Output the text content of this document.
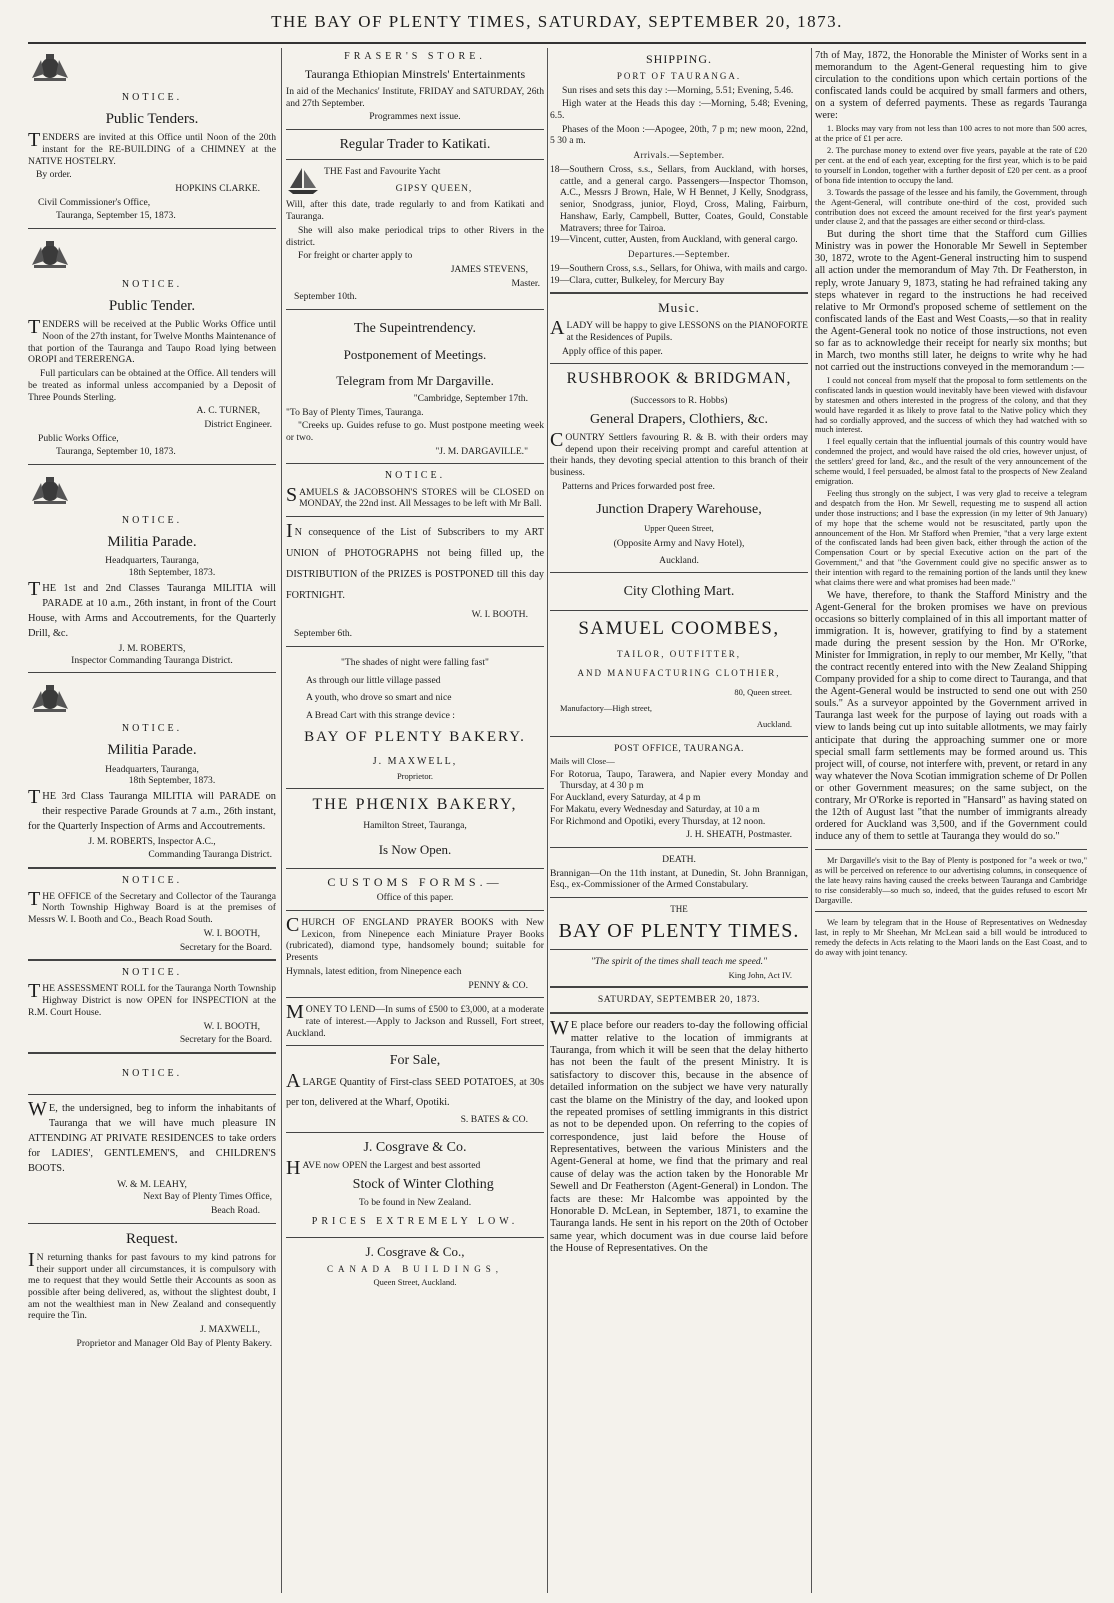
THE BAY OF PLENTY TIMES, SATURDAY, SEPTEMBER 20, 1873.
NOTICE.
Public Tenders.
TENDERS are invited at this Office until Noon of the 20th instant for the RE-BUILDING of a CHIMNEY at the NATIVE HOSTELRY.
By order.
HOPKINS CLARKE.
Civil Commissioner's Office,
Tauranga, September 15, 1873.
NOTICE.
Public Tender.
TENDERS will be received at the Public Works Office until Noon of the 27th instant, for Twelve Months Maintenance of that portion of the Tauranga and Taupo Road lying between OROPI and TERERENGA.
Full particulars can be obtained at the Office. All tenders will be treated as informal unless accompanied by a Deposit of Three Pounds Sterling.
A. C. TURNER,
District Engineer.
Public Works Office,
Tauranga, September 10, 1873.
NOTICE.
Militia Parade.
Headquarters, Tauranga,
18th September, 1873.
THE 1st and 2nd Classes Tauranga MILITIA will PARADE at 10 a.m., 26th instant, in front of the Court House, with Arms and Accoutrements, for the Quarterly Drill, &c.
J. M. ROBERTS,
Inspector Commanding Tauranga District.
NOTICE.
Militia Parade.
Headquarters, Tauranga,
18th September, 1873.
THE 3rd Class Tauranga MILITIA will PARADE on their respective Parade Grounds at 7 a.m., 26th instant, for the Quarterly Inspection of Arms and Accoutrements.
J. M. ROBERTS, Inspector A.C.,
Commanding Tauranga District.
NOTICE.
THE OFFICE of the Secretary and Collector of the Tauranga North Township Highway Board is at the premises of Messrs W. I. Booth and Co., Beach Road South.
W. I. BOOTH,
Secretary for the Board.
NOTICE.
THE ASSESSMENT ROLL for the Tauranga North Township Highway District is now OPEN for INSPECTION at the R.M. Court House.
W. I. BOOTH,
Secretary for the Board.
NOTICE.
WE, the undersigned, beg to inform the inhabitants of Tauranga that we will have much pleasure IN ATTENDING AT PRIVATE RESIDENCES to take orders for LADIES', GENTLEMEN'S, and CHILDREN'S BOOTS.
W. & M. LEAHY,
Next Bay of Plenty Times Office,
Beach Road.
Request.
IN returning thanks for past favours to my kind patrons for their support under all circumstances, it is compulsory with me to request that they would Settle their Accounts as soon as possible after being delivered, as, without the slightest doubt, I am not the wealthiest man in New Zealand and consequently require the Tin.
J. MAXWELL,
Proprietor and Manager Old Bay of Plenty Bakery.
FRASER'S STORE.
Tauranga Ethiopian Minstrels' Entertainments
In aid of the Mechanics' Institute, FRIDAY and SATURDAY, 26th and 27th September.
Programmes next issue.
Regular Trader to Katikati.
THE Fast and Favourite Yacht
GIPSY QUEEN,
Will, after this date, trade regularly to and from Katikati and Tauranga.
She will also make periodical trips to other Rivers in the district.
For freight or charter apply to
JAMES STEVENS,
Master.
September 10th.
The Supeintrendency.
Postponement of Meetings.
Telegram from Mr Dargaville.
"Cambridge, September 17th.
"To Bay of Plenty Times, Tauranga.
"Creeks up. Guides refuse to go. Must postpone meeting week or two.
"J. M. DARGAVILLE."
NOTICE.
SAMUELS & JACOBSOHN'S STORES will be CLOSED on MONDAY, the 22nd inst. All Messages to be left with Mr Ball.
IN consequence of the List of Subscribers to my ART UNION of PHOTOGRAPHS not being filled up, the DISTRIBUTION of the PRIZES is POSTPONED till this day FORTNIGHT.
W. I. BOOTH.
September 6th.
"The shades of night were falling fast"
As through our little village passed
A youth, who drove so smart and nice
A Bread Cart with this strange device :
BAY OF PLENTY BAKERY.
J. MAXWELL,
Proprietor.
THE PHŒNIX BAKERY,
Hamilton Street, Tauranga,
Is Now Open.
CUSTOMS FORMS.—
Office of this paper.
CHURCH OF ENGLAND PRAYER BOOKS with New Lexicon, from Ninepence each Miniature Prayer Books (rubricated), diamond type, handsomely bound; suitable for Presents
Hymnals, latest edition, from Ninepence each
PENNY & CO.
MONEY TO LEND—In sums of £500 to £3,000, at a moderate rate of interest.—Apply to Jackson and Russell, Fort street, Auckland.
For Sale,
ALARGE Quantity of First-class SEED POTATOES, at 30s per ton, delivered at the Wharf, Opotiki.
S. BATES & CO.
J. Cosgrave & Co.
HAVE now OPEN the Largest and best assorted
Stock of Winter Clothing
To be found in New Zealand.
PRICES EXTREMELY LOW.
J. Cosgrave & Co.,
CANADA BUILDINGS,
Queen Street, Auckland.
SHIPPING.
PORT OF TAURANGA.
Sun rises and sets this day :—Morning, 5.51; Evening, 5.46.
High water at the Heads this day :—Morning, 5.48; Evening, 6.5.
Phases of the Moon :—Apogee, 20th, 7 p m; new moon, 22nd, 5 30 a m.
Arrivals.—September.
18—Southern Cross, s.s., Sellars, from Auckland, with horses, cattle, and a general cargo. Passengers—Inspector Thomson, A.C., Messrs J Brown, Hale, W H Bennet, J Kelly, Snodgrass, senior, Snodgrass, junior, Floyd, Cross, Maling, Fairburn, Hanshaw, Early, Campbell, Butter, Coates, Gould, Constable Matravers; three for Tairoa.
19—Vincent, cutter, Austen, from Auckland, with general cargo.
Departures.—September.
19—Southern Cross, s.s., Sellars, for Ohiwa, with mails and cargo.
19—Clara, cutter, Bulkeley, for Mercury Bay
Music.
ALADY will be happy to give LESSONS on the PIANOFORTE at the Residences of Pupils.
Apply office of this paper.
RUSHBROOK & BRIDGMAN,
(Successors to R. Hobbs)
General Drapers, Clothiers, &c.
COUNTRY Settlers favouring R. & B. with their orders may depend upon their receiving prompt and careful attention at their hands, they devoting special attention to this branch of their business.
Patterns and Prices forwarded post free.
Junction Drapery Warehouse,
Upper Queen Street,
(Opposite Army and Navy Hotel),
Auckland.
City Clothing Mart.
SAMUEL COOMBES,
TAILOR, OUTFITTER,
AND MANUFACTURING CLOTHIER,
80, Queen street.
Manufactory—High street,
Auckland.
POST OFFICE, TAURANGA.
Mails will Close—
For Rotorua, Taupo, Tarawera, and Napier every Monday and Thursday, at 4 30 p m
For Auckland, every Saturday, at 4 p m
For Makatu, every Wednesday and Saturday, at 10 a m
For Richmond and Opotiki, every Thursday, at 12 noon.
J. H. SHEATH, Postmaster.
DEATH.
Brannigan—On the 11th instant, at Dunedin, St. John Brannigan, Esq., ex-Commissioner of the Armed Constabulary.
THE
BAY OF PLENTY TIMES.
"The spirit of the times shall teach me speed."
King John, Act IV.
SATURDAY, SEPTEMBER 20, 1873.
WE place before our readers to-day the following official matter relative to the location of immigrants at Tauranga, from which it will be seen that the delay hitherto has not been the fault of the present Ministry. It is satisfactory to discover this, because in the absence of detailed information on the subject we have very naturally cast the blame on the Ministry of the day, and looked upon the repeated promises of settling immigrants in this district as not to be depended upon. On referring to the copies of correspondence, just laid before the House of Representatives, between the various Ministers and the Agent-General at home, we find that the primary and real cause of delay was the action taken by the Honorable Mr Sewell and Dr Featherston (Agent-General) in London. The facts are these: Mr Halcombe was appointed by the Honorable D. McLean, in September, 1871, to examine the Tauranga lands. He sent in his report on the 20th of October same year, which document was in due course laid before the House of Representatives. On the
7th of May, 1872, the Honorable the Minister of Works sent in a memorandum to the Agent-General requesting him to give circulation to the conditions upon which certain portions of the confiscated lands could be acquired by small farmers and others, on a system of deferred payments. These as regards Tauranga were:
1. Blocks may vary from not less than 100 acres to not more than 500 acres, at the price of £1 per acre.
2. The purchase money to extend over five years, payable at the rate of £20 per cent. at the end of each year, excepting for the first year, which is to be paid to yourself in London, together with a further deposit of £20 per cent. as a proof of bona fide intention to occupy the land.
3. Towards the passage of the lessee and his family, the Government, through the Agent-General, will contribute one-third of the cost, provided such contribution does not exceed the amount received for the first year's payment under clause 2, and that the passages are either second or third-class.
But during the short time that the Stafford cum Gillies Ministry was in power the Honorable Mr Sewell in September 30, 1872, wrote to the Agent-General instructing him to suspend all action under the memorandum of May 7th. Dr Featherston, in reply, wrote January 9, 1873, stating he had refrained taking any steps whatever in regard to the instructions he had received relative to Mr Ormond's proposed scheme of settlement on the confiscated lands of the East and West Coasts,—so that in reality the Agent-General took no notice of those instructions, not even so far as to acknowledge their receipt for nearly six months; but in March, two months still later, he deigns to write why he had not carried out the instructions conveyed in the memorandum :—
I could not conceal from myself that the proposal to form settlements on the confiscated lands in question would inevitably have been viewed with disfavour by statesmen and others interested in the progress of the colony, and that they would have regarded it as likely to prove fatal to the Native policy which they had so cordially approved, and the success of which they had watched with so much interest.
I feel equally certain that the influential journals of this country would have condemned the project, and would have raised the old cries, however unjust, of the settlers' greed for land, &c., and the result of the very announcement of the scheme would, I feel persuaded, be almost fatal to the prospects of New Zealand emigration.
Feeling thus strongly on the subject, I was very glad to receive a telegram and despatch from the Hon. Mr Sewell, requesting me to suspend all action under those instructions; and I base the expression (in my letter of 9th January) of my hope that the scheme would not be resuscitated, partly upon the announcement of the Hon. Mr Stafford when Premier, "that a very large extent of the confiscated lands had been given back, either through the action of the Compensation Court or by special Executive action on the part of the Government," and that "the Government could give no specific answer as to their intention with regard to the remaining portion of the lands until they knew what claims there were and what promises had been made."
We have, therefore, to thank the Stafford Ministry and the Agent-General for the broken promises we have on previous occasions so bitterly complained of in this all important matter of immigration. It is, however, gratifying to find by a statement made during the present session by the Hon. Mr O'Rorke, Minister for Immigration, in reply to our member, Mr Kelly, "that the contract recently entered into with the New Zealand Shipping Company provided for a ship to come direct to Tauranga, and that the Agent-General would be instructed to send one out with 250 souls." As a surveyor appointed by the Government arrived in Tauranga last week for the purpose of laying out roads with a view to lands being cut up into suitable allotments, we may fairly anticipate that during the approaching summer one or more special small farm settlements may be formed around us. This project will, of course, not interfere with, prevent, or retard in any way whatever the Nova Scotian immigration scheme of Dr Pollen or other Government measures; on the same subject, on the contrary, Mr O'Rorke is reported in "Hansard" as having stated on the 12th of August last "that the number of immigrants already ordered for Auckland was 3,500, and if the Government could induce any of them to settle at Tauranga they would do so."
Mr Dargaville's visit to the Bay of Plenty is postponed for "a week or two," as will be perceived on reference to our advertising columns, in consequence of the late heavy rains having caused the creeks between Tauranga and Cambridge to rise considerably—so much so, indeed, that the guides refused to escort Mr Dargaville.
We learn by telegram that in the House of Representatives on Wednesday last, in reply to Mr Sheehan, Mr McLean said a bill would be introduced to remedy the defects in Acts relating to the Maori lands on the East Coast, and to do away with joint tenancy.
